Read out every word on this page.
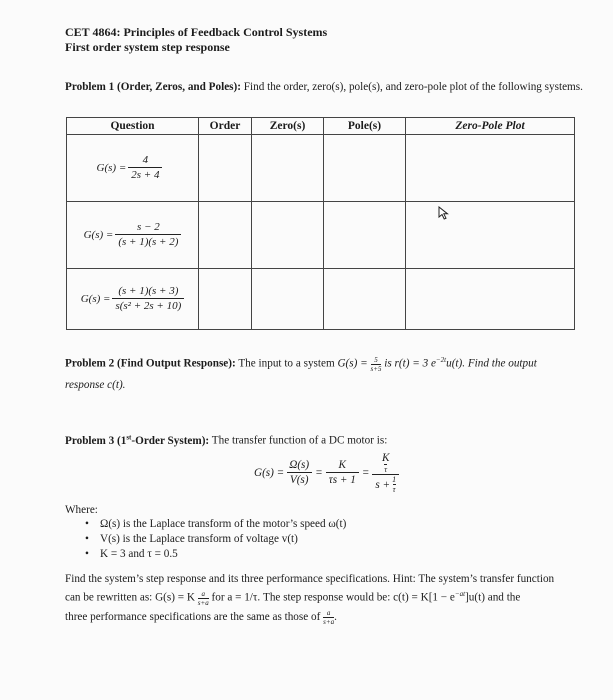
CET 4864: Principles of Feedback Control Systems
First order system step response
Problem 1 (Order, Zeros, and Poles): Find the order, zero(s), pole(s), and zero-pole plot of the following systems.
Question	Order	Zero(s)	Pole(s)	Zero-Pole Plot

$G(s) = \frac{4}{2s + 4}$

$G(s) = \frac{s - 2}{(s + 1)(s + 2)}$

$G(s) = \frac{(s + 1)(s + 3)}{\text{s(s² + 2s + 10)}}$

Problem 2 (Find Output Response): The input to a system $G(s) = \frac{5}{s+5}$ is r(t) = 3 $e^{-2t}u(t)$. Find the output
response c(t).
Problem 3 (1st-Order System): The transfer function of a DC motor is:
$G(s) = \frac{\Omega(s)}{V(s)} = \frac{K}{\tau s + 1} = K$
τ
$s + \frac{1}{\tau}$
Where:
• Ω(s) is the Laplace transform of the motor’s speed ω(t)
• V(s) is the Laplace transform of voltage v(t)
• K = 3 and τ = 0.5
Find the system’s step response and its three performance specifications. Hint: The system’s transfer function
can be rewritten as: G(s) = K $\frac{a}{s+a}$ for a = 1/τ. The step response would be: $c(t) = K[1 - e^{-at}]u(t)$ and the
three performance specifications are the same as those of $\frac{a}{s+a}$ .
